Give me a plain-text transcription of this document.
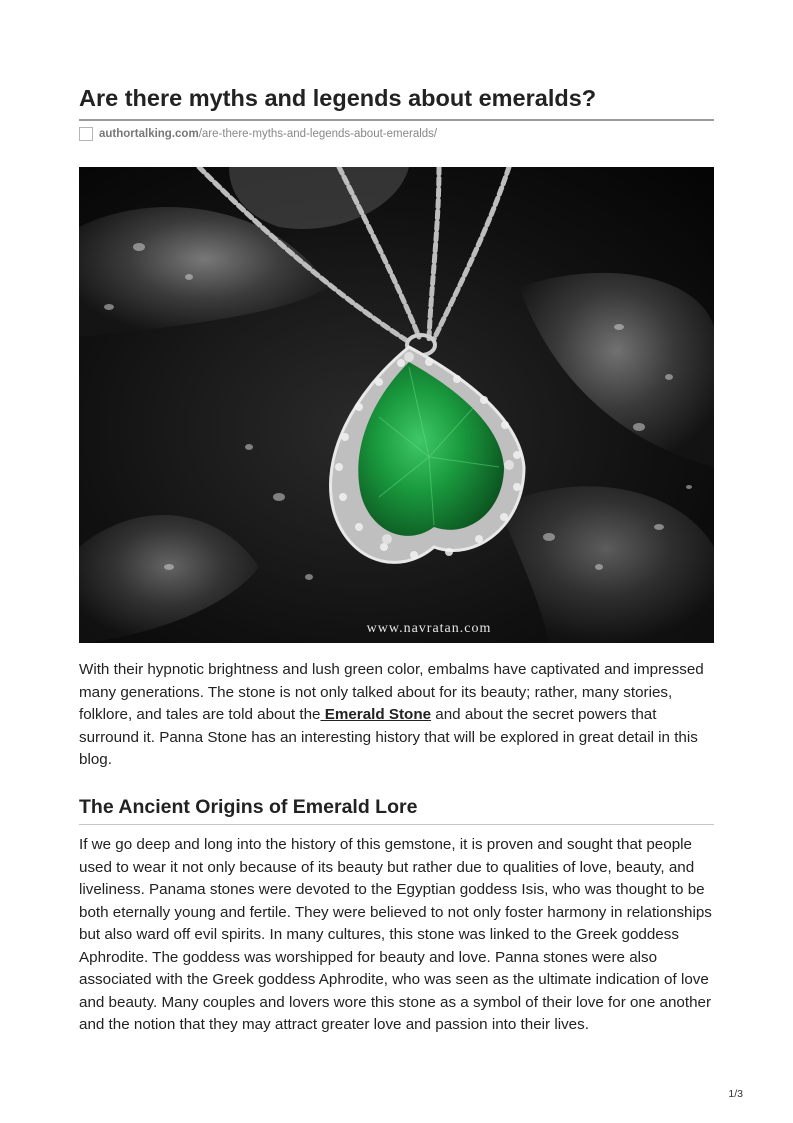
Are there myths and legends about emeralds?
authortalking.com/are-there-myths-and-legends-about-emeralds/
www.navratan.com

With their hypnotic brightness and lush green color, embalms have captivated and impressed many generations. The stone is not only talked about for its beauty; rather, many stories, folklore, and tales are told about the Emerald Stone and about the secret powers that surround it. Panna Stone has an interesting history that will be explored in great detail in this blog.

The Ancient Origins of Emerald Lore

If we go deep and long into the history of this gemstone, it is proven and sought that people used to wear it not only because of its beauty but rather due to qualities of love, beauty, and liveliness. Panama stones were devoted to the Egyptian goddess Isis, who was thought to be both eternally young and fertile. They were believed to not only foster harmony in relationships but also ward off evil spirits. In many cultures, this stone was linked to the Greek goddess Aphrodite. The goddess was worshipped for beauty and love. Panna stones were also associated with the Greek goddess Aphrodite, who was seen as the ultimate indication of love and beauty. Many couples and lovers wore this stone as a symbol of their love for one another and the notion that they may attract greater love and passion into their lives.

1/3
